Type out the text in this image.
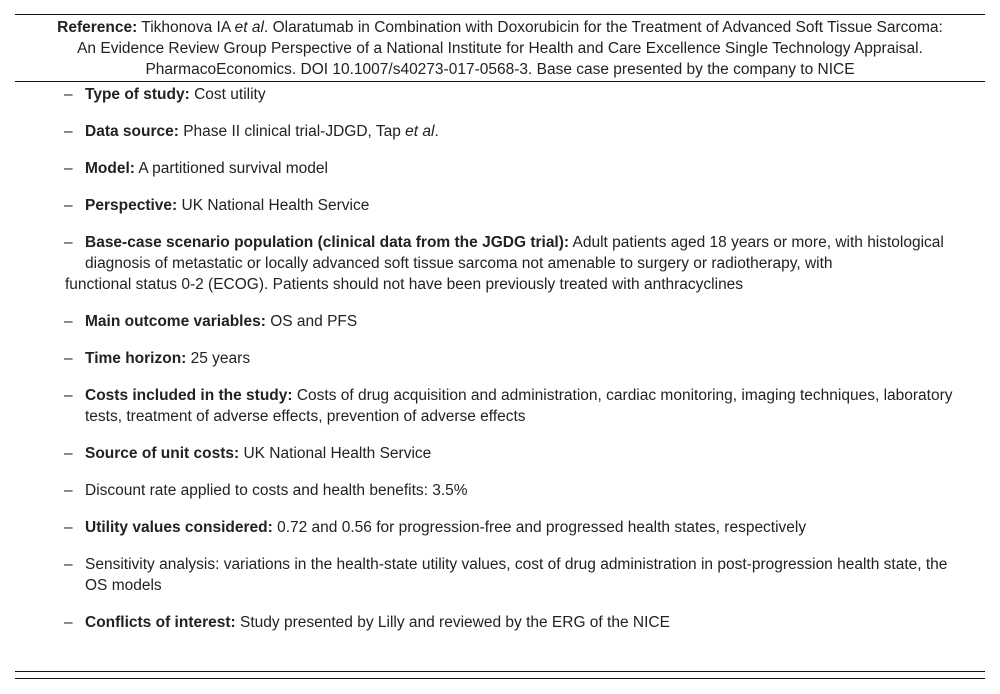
Reference: Tikhonova IA et al. Olaratumab in Combination with Doxorubicin for the Treatment of Advanced Soft Tissue Sarcoma:
An Evidence Review Group Perspective of a National Institute for Health and Care Excellence Single Technology Appraisal.
PharmacoEconomics. DOI 10.1007/s40273-017-0568-3. Base case presented by the company to NICE
– Type of study: Cost utility
– Data source: Phase II clinical trial-JDGD, Tap et al.
– Model: A partitioned survival model
– Perspective: UK National Health Service
– Base-case scenario population (clinical data from the JGDG trial): Adult patients aged 18 years or more, with histological diagnosis of metastatic or locally advanced soft tissue sarcoma not amenable to surgery or radiotherapy, with
functional status 0-2 (ECOG). Patients should not have been previously treated with anthracyclines
– Main outcome variables: OS and PFS
– Time horizon: 25 years
– Costs included in the study: Costs of drug acquisition and administration, cardiac monitoring, imaging techniques, laboratory tests, treatment of adverse effects, prevention of adverse effects
– Source of unit costs: UK National Health Service
– Discount rate applied to costs and health benefits: 3.5%
– Utility values considered: 0.72 and 0.56 for progression-free and progressed health states, respectively
– Sensitivity analysis: variations in the health-state utility values, cost of drug administration in post-progression health state, the OS models
– Conflicts of interest: Study presented by Lilly and reviewed by the ERG of the NICE
